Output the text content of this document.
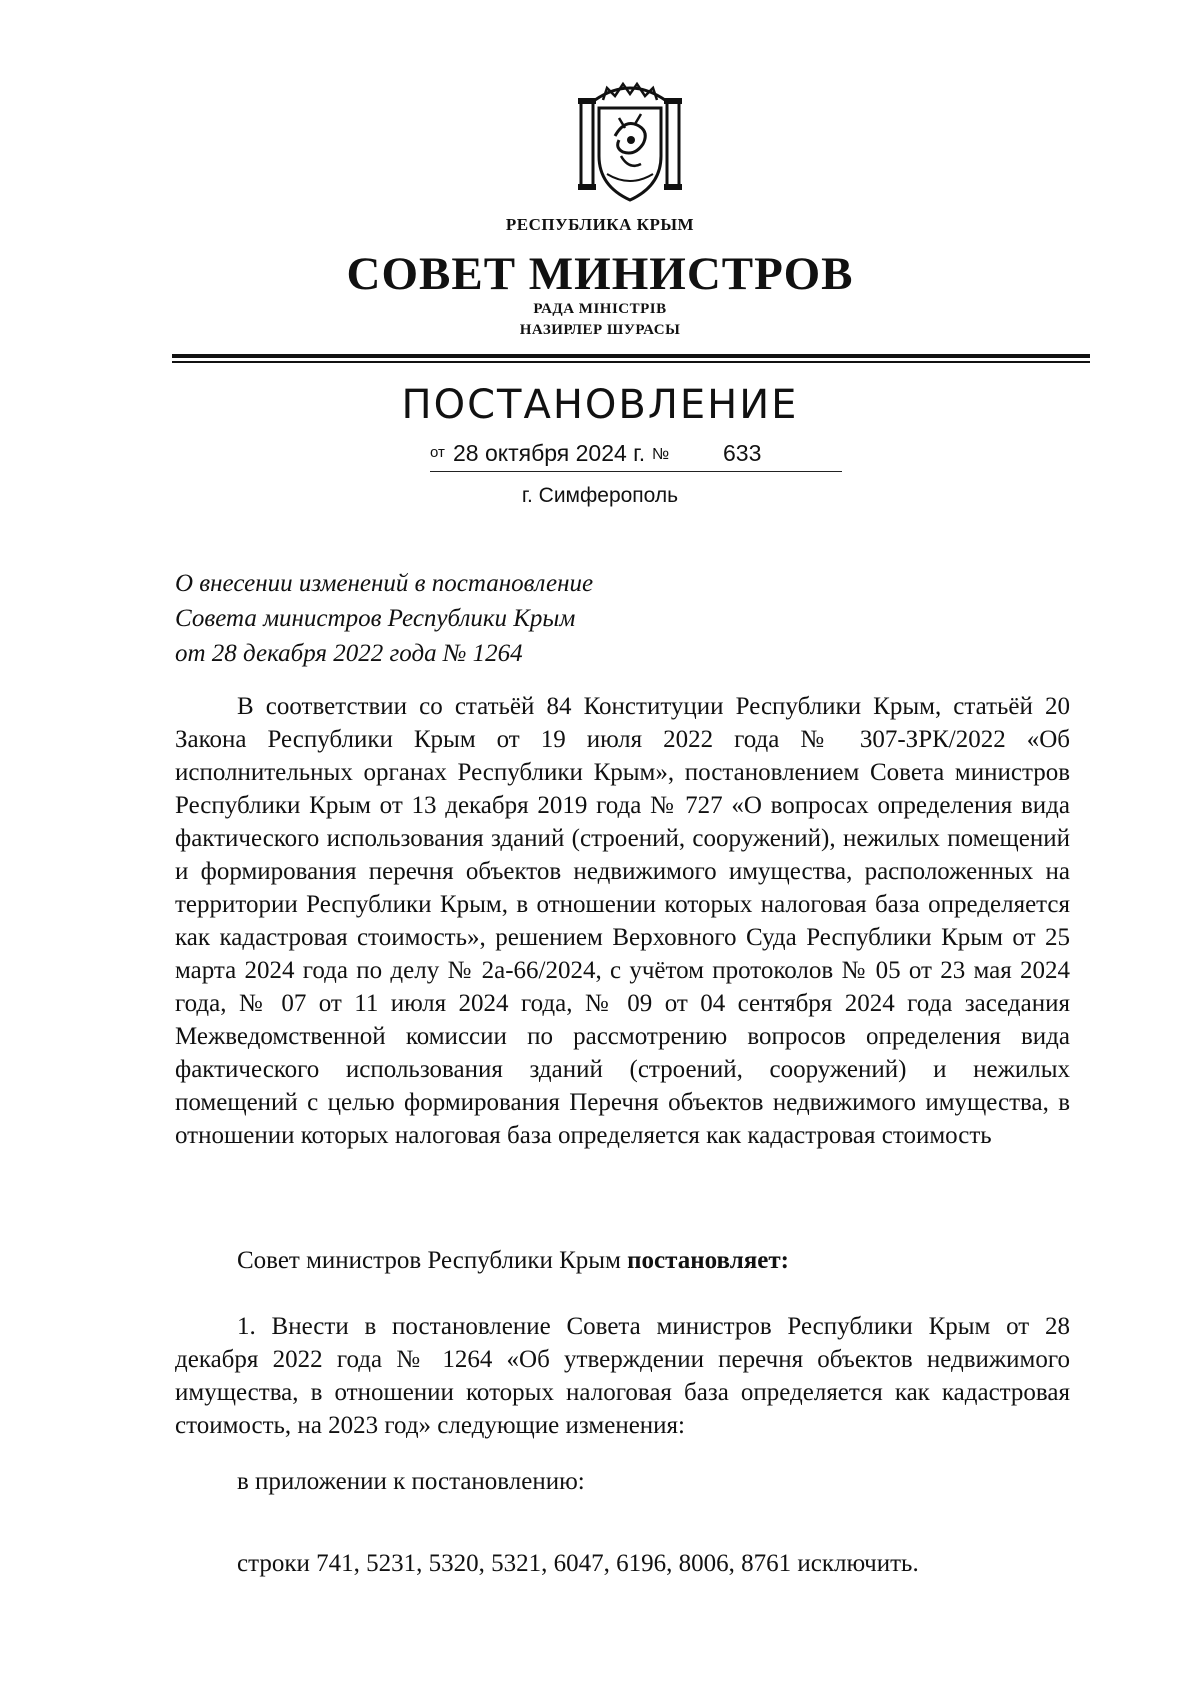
РЕСПУБЛИКА КРЫМ
СОВЕТ МИНИСТРОВ
РАДА МІНІСТРІВ
НАЗИРЛЕР ШУРАСЫ
ПОСТАНОВЛЕНИЕ
от 28 октября 2024 г. № 633
г. Симферополь
О внесении изменений в постановление
Совета министров Республики Крым
от 28 декабря 2022 года № 1264
В соответствии со статьёй 84 Конституции Республики Крым, статьёй 20 Закона Республики Крым от 19 июля 2022 года № 307-ЗРК/2022 «Об исполнительных органах Республики Крым», постановлением Совета министров Республики Крым от 13 декабря 2019 года № 727 «О вопросах определения вида фактического использования зданий (строений, сооружений), нежилых помещений и формирования перечня объектов недвижимого имущества, расположенных на территории Республики Крым, в отношении которых налоговая база определяется как кадастровая стоимость», решением Верховного Суда Республики Крым от 25 марта 2024 года по делу № 2а-66/2024, с учётом протоколов № 05 от 23 мая 2024 года, № 07 от 11 июля 2024 года, № 09 от 04 сентября 2024 года заседания Межведомственной комиссии по рассмотрению вопросов определения вида фактического использования зданий (строений, сооружений) и нежилых помещений с целью формирования Перечня объектов недвижимого имущества, в отношении которых налоговая база определяется как кадастровая стоимость
Совет министров Республики Крым постановляет:
1. Внести в постановление Совета министров Республики Крым от 28 декабря 2022 года № 1264 «Об утверждении перечня объектов недвижимого имущества, в отношении которых налоговая база определяется как кадастровая стоимость, на 2023 год» следующие изменения:
в приложении к постановлению:
строки 741, 5231, 5320, 5321, 6047, 6196, 8006, 8761 исключить.
